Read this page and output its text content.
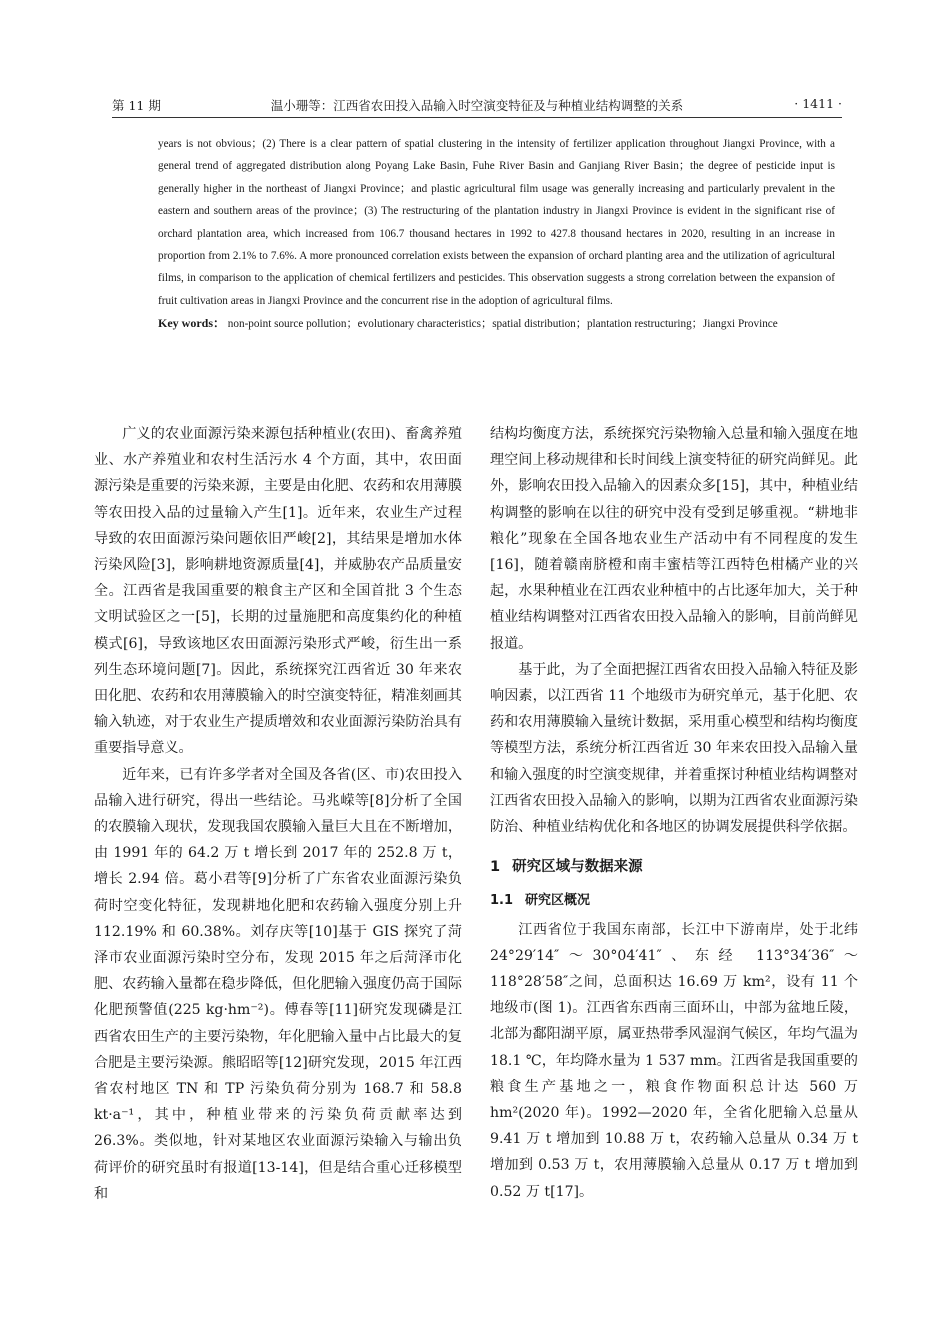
第 11 期	温小珊等：江西省农田投入品输入时空演变特征及与种植业结构调整的关系	· 1411 ·

years is not obvious；(2) There is a clear pattern of spatial clustering in the intensity of fertilizer application throughout Jiangxi Province, with a general trend of aggregated distribution along Poyang Lake Basin, Fuhe River Basin and Ganjiang River Basin；the degree of pesticide input is generally higher in the northeast of Jiangxi Province；and plastic agricultural film usage was generally increasing and particularly prevalent in the eastern and southern areas of the province；(3) The restructuring of the plantation industry in Jiangxi Province is evident in the significant rise of orchard plantation area, which increased from 106.7 thousand hectares in 1992 to 427.8 thousand hectares in 2020, resulting in an increase in proportion from 2.1% to 7.6%. A more pronounced correlation exists between the expansion of orchard planting area and the utilization of agricultural films, in comparison to the application of chemical fertilizers and pesticides. This observation suggests a strong correlation between the expansion of fruit cultivation areas in Jiangxi Province and the concurrent rise in the adoption of agricultural films.

Key words： non-point source pollution；evolutionary characteristics；spatial distribution；plantation restructuring；Jiangxi Province

广义的农业面源污染来源包括种植业(农田)、畜禽养殖业、水产养殖业和农村生活污水 4 个方面，其中，农田面源污染是重要的污染来源，主要是由化肥、农药和农用薄膜等农田投入品的过量输入产生[1]。近年来，农业生产过程导致的农田面源污染问题依旧严峻[2]，其结果是增加水体污染风险[3]，影响耕地资源质量[4]，并威胁农产品质量安全。江西省是我国重要的粮食主产区和全国首批 3 个生态文明试验区之一[5]，长期的过量施肥和高度集约化的种植模式[6]，导致该地区农田面源污染形式严峻，衍生出一系列生态环境问题[7]。因此，系统探究江西省近 30 年来农田化肥、农药和农用薄膜输入的时空演变特征，精准刻画其输入轨迹，对于农业生产提质增效和农业面源污染防治具有重要指导意义。

近年来，已有许多学者对全国及各省(区、市)农田投入品输入进行研究，得出一些结论。马兆嵘等[8]分析了全国的农膜输入现状，发现我国农膜输入量巨大且在不断增加，由 1991 年的 64.2 万 t 增长到 2017 年的 252.8 万 t，增长 2.94 倍。葛小君等[9]分析了广东省农业面源污染负荷时空变化特征，发现耕地化肥和农药输入强度分别上升 112.19% 和 60.38%。刘存庆等[10]基于 GIS 探究了菏泽市农业面源污染时空分布，发现 2015 年之后菏泽市化肥、农药输入量都在稳步降低，但化肥输入强度仍高于国际化肥预警值(225 kg·hm⁻²)。傅春等[11]研究发现磷是江西省农田生产的主要污染物，年化肥输入量中占比最大的复合肥是主要污染源。熊昭昭等[12]研究发现，2015 年江西省农村地区 TN 和 TP 污染负荷分别为 168.7 和 58.8 kt·a⁻¹，其中，种植业带来的污染负荷贡献率达到 26.3%。类似地，针对某地区农业面源污染输入与输出负荷评价的研究虽时有报道[13-14]，但是结合重心迁移模型和

结构均衡度方法，系统探究污染物输入总量和输入强度在地理空间上移动规律和长时间线上演变特征的研究尚鲜见。此外，影响农田投入品输入的因素众多[15]，其中，种植业结构调整的影响在以往的研究中没有受到足够重视。“耕地非粮化”现象在全国各地农业生产活动中有不同程度的发生[16]，随着赣南脐橙和南丰蜜桔等江西特色柑橘产业的兴起，水果种植业在江西农业种植中的占比逐年加大，关于种植业结构调整对江西省农田投入品输入的影响，目前尚鲜见报道。

基于此，为了全面把握江西省农田投入品输入特征及影响因素，以江西省 11 个地级市为研究单元，基于化肥、农药和农用薄膜输入量统计数据，采用重心模型和结构均衡度等模型方法，系统分析江西省近 30 年来农田投入品输入量和输入强度的时空演变规律，并着重探讨种植业结构调整对江西省农田投入品输入的影响，以期为江西省农业面源污染防治、种植业结构优化和各地区的协调发展提供科学依据。

1 研究区域与数据来源
1.1 研究区概况

江西省位于我国东南部，长江中下游南岸，处于北纬 24°29′14″～30°04′41″、东经 113°34′36″～118°28′58″之间，总面积达 16.69 万 km²，设有 11 个地级市(图 1)。江西省东西南三面环山，中部为盆地丘陵，北部为鄱阳湖平原，属亚热带季风湿润气候区，年均气温为 18.1 ℃，年均降水量为 1 537 mm。江西省是我国重要的粮食生产基地之一，粮食作物面积总计达 560 万 hm²(2020 年)。1992—2020 年，全省化肥输入总量从 9.41 万 t 增加到 10.88 万 t，农药输入总量从 0.34 万 t 增加到 0.53 万 t，农用薄膜输入总量从 0.17 万 t 增加到 0.52 万 t[17]。
